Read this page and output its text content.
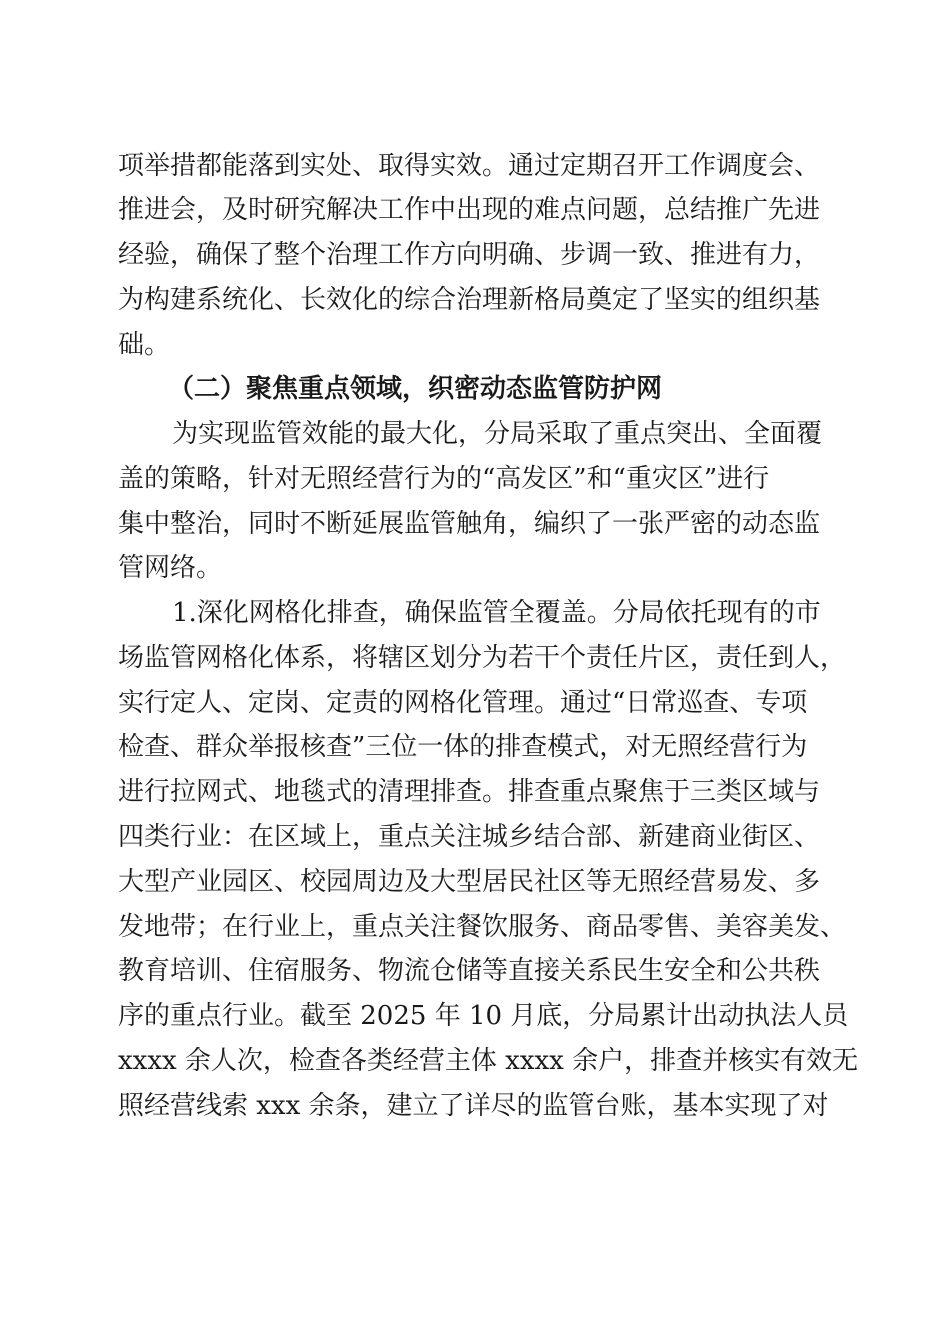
项举措都能落到实处、取得实效。通过定期召开工作调度会、
推进会，及时研究解决工作中出现的难点问题，总结推广先进
经验，确保了整个治理工作方向明确、步调一致、推进有力，
为构建系统化、长效化的综合治理新格局奠定了坚实的组织基
础。
（二）聚焦重点领域，织密动态监管防护网
为实现监管效能的最大化，分局采取了重点突出、全面覆
盖的策略，针对无照经营行为的“高发区”和“重灾区”进行
集中整治，同时不断延展监管触角，编织了一张严密的动态监
管网络。
1.深化网格化排查，确保监管全覆盖。分局依托现有的市
场监管网格化体系，将辖区划分为若干个责任片区，责任到人，
实行定人、定岗、定责的网格化管理。通过“日常巡查、专项
检查、群众举报核查”三位一体的排查模式，对无照经营行为
进行拉网式、地毯式的清理排查。排查重点聚焦于三类区域与
四类行业：在区域上，重点关注城乡结合部、新建商业街区、
大型产业园区、校园周边及大型居民社区等无照经营易发、多
发地带；在行业上，重点关注餐饮服务、商品零售、美容美发、
教育培训、住宿服务、物流仓储等直接关系民生安全和公共秩
序的重点行业。截至 2025 年 10 月底，分局累计出动执法人员
xxxx 余人次，检查各类经营主体 xxxx 余户，排查并核实有效无
照经营线索 xxx 余条，建立了详尽的监管台账，基本实现了对
